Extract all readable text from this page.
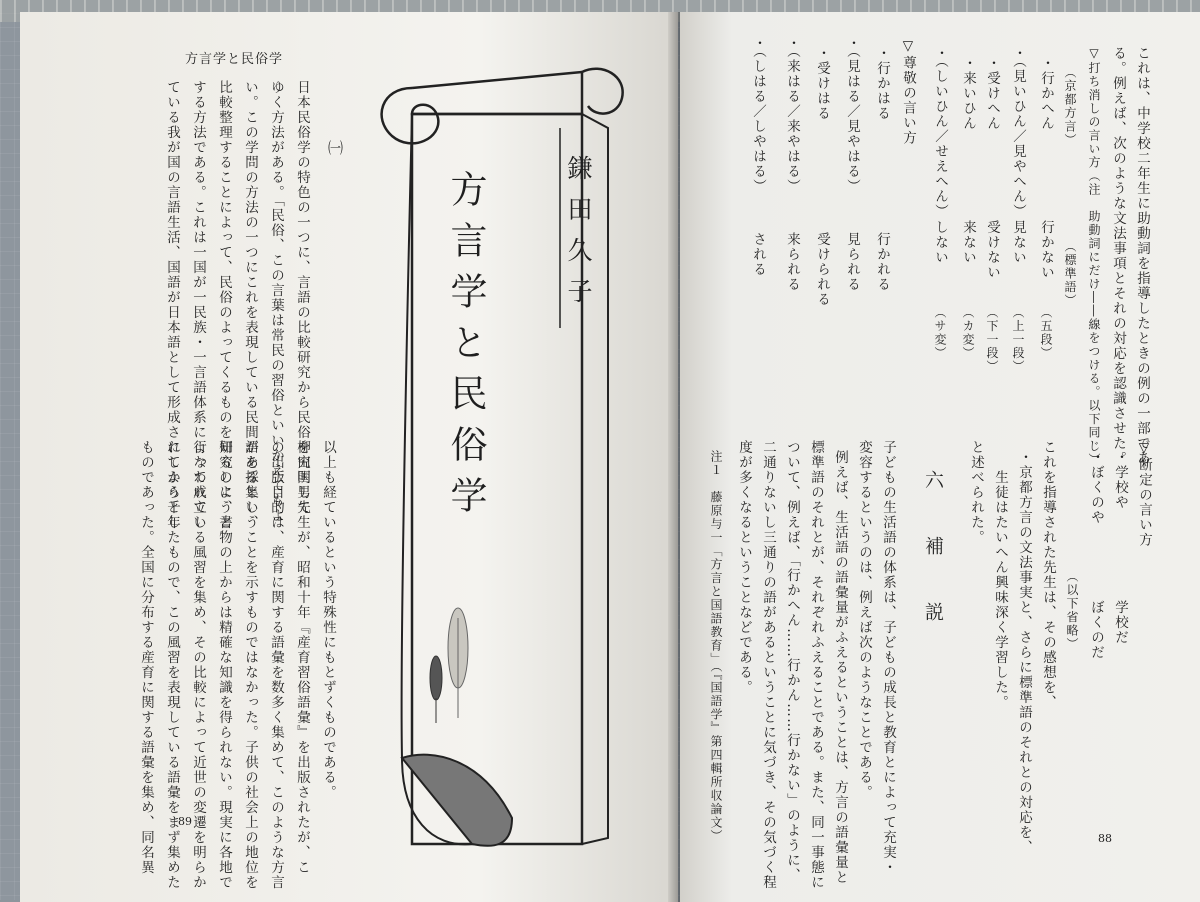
方言学と民俗学
89
㈠
日本民俗学の特色の一つに、言語の比較研究から民俗を究明して
ゆく方法がある。「民俗、この言葉は常民の習俗といいかえてもよ
い。この学問の方法の一つにこれを表現している民間語を採集し、
比較整理することによって、民俗のよってくるものを研究しようと
する方法である。これは一国が一民族・一言語体系によって成立し
ている我が国の言語生活、国語が日本語として形成されてから千年
以上も経ているという特殊性にもとずくものである。
柳田国男先生が、昭和十年『産育習俗語彙』を出版されたが、こ
の出版目的は、産育に関する語彙を数多く集めて、このような方言
があるということを示すものではなかった。子供の社会上の地位を
知るのに、書物の上からは精確な知識を得られない。現実に各地で
行なわれている風習を集め、その比較によって近世の変遷を明らか
にしようとしたもので、この風習を表現している語彙をまず集めた
ものであった。全国に分布する産育に関する語彙を集め、同名異
鎌田久子
方言学と民俗学
88
これは、中学校二年生に助動詞を指導したときの例の一部であ
る。例えば、次のような文法事項とそれの対応を認識させた。
▽打ち消しの言い方（注　助動詞にだけ――線をつける。以下同じ）
（京都方言）
（標準語）
・行かへん
行かない
（五段）
・（見いひん／見やへん）
見ない
（上一段）
・受けへん
受けない
（下一段）
・来いひん
来ない
（カ変）
・（しいひん／せえへん）
しない
（サ変）
▽尊敬の言い方
・行かはる
行かれる
・（見はる／見やはる）
見られる
・受けはる
受けられる
・（来はる／来やはる）
来られる
・（しはる／しやはる）
される
▽断定の言い方
・学校や
学校だ
・ぼくのや
ぼくのだ
（以下省略）
これを指導された先生は、その感想を、
・京都方言の文法事実と、さらに標準語のそれとの対応を、
生徒はたいへん興味深く学習した。
と述べられた。
六　補　説
子どもの生活語の体系は、子どもの成長と教育とによって充実・
変容するというのは、例えば次のようなことである。
例えば、生活語の語彙量がふえるということは、方言の語彙量と
標準語のそれとが、それぞれふえることである。また、同一事態に
ついて、例えば、「行かへん……行かん……行かない」のように、
二通りないし三通りの語があるということに気づき、その気づく程
度が多くなるということなどである。
注１　藤原与一「方言と国語教育」（『国語学』第四輯所収論文）
